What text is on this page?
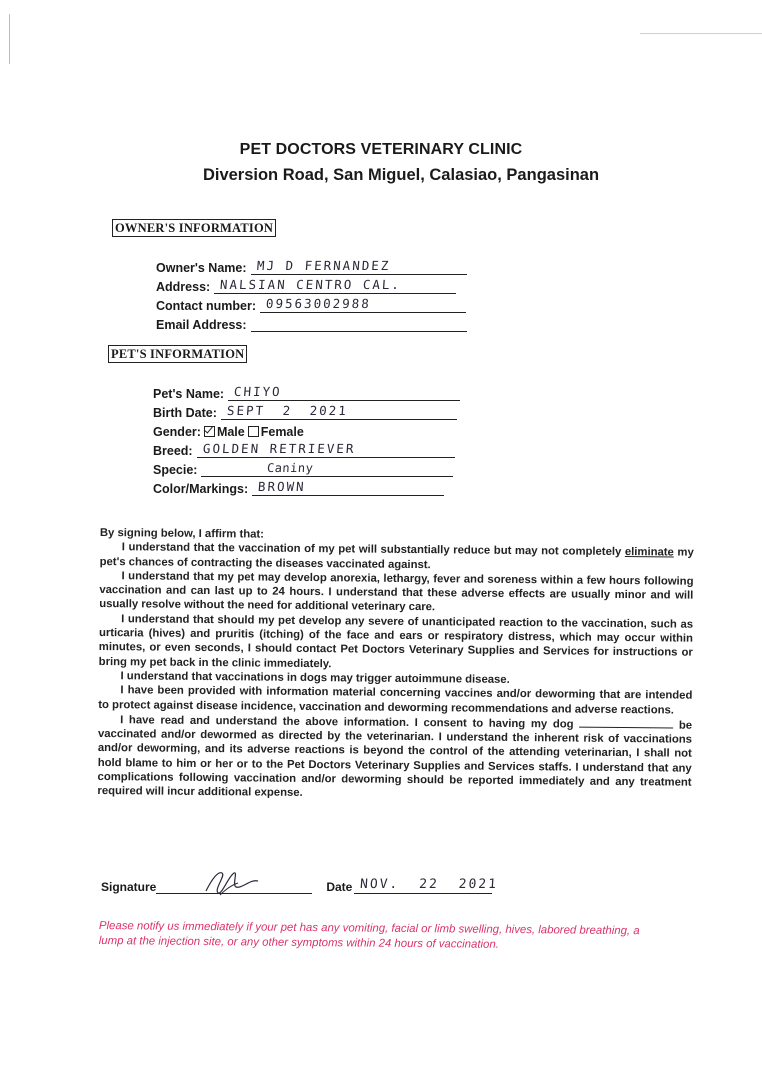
PET DOCTORS VETERINARY CLINIC
Diversion Road, San Miguel, Calasiao, Pangasinan
OWNER'S INFORMATION
Owner's Name: MJ D FERNANDEZ
Address: NALSIAN CENTRO CAL.
Contact number: 09563002988
Email Address:
PET'S INFORMATION
Pet's Name: CHIYO
Birth Date: SEPT 2 2021
Gender: Male Female
Breed: GOLDEN RETRIEVER
Specie:	Caniny
Color/Markings: BROWN

By signing below, I affirm that:

I understand that the vaccination of my pet will substantially reduce but may not completely eliminate my pet's chances of contracting the diseases vaccinated against.

I understand that my pet may develop anorexia, lethargy, fever and soreness within a few hours following vaccination and can last up to 24 hours. I understand that these adverse effects are usually minor and will usually resolve without the need for additional veterinary care.

I understand that should my pet develop any severe of unanticipated reaction to the vaccination, such as urticaria (hives) and pruritis (itching) of the face and ears or respiratory distress, which may occur within minutes, or even seconds, I should contact Pet Doctors Veterinary Supplies and Services for instructions or bring my pet back in the clinic immediately.

I understand that vaccinations in dogs may trigger autoimmune disease.

I have been provided with information material concerning vaccines and/or deworming that are intended to protect against disease incidence, vaccination and deworming recommendations and adverse reactions.

I have read and understand the above information. I consent to having my dog	be vaccinated and/or dewormed as directed by the veterinarian. I understand the inherent risk of vaccinations and/or deworming, and its adverse reactions is beyond the control of the attending veterinarian, I shall not hold blame to him or her or to the Pet Doctors Veterinary Supplies and Services staffs. I understand that any complications following vaccination and/or deworming should be reported immediately and any treatment required will incur additional expense.

Signature	Date NOV. 22 2021
Please notify us immediately if your pet has any vomiting, facial or limb swelling, hives, labored breathing, a lump at the injection site, or any other symptoms within 24 hours of vaccination.
